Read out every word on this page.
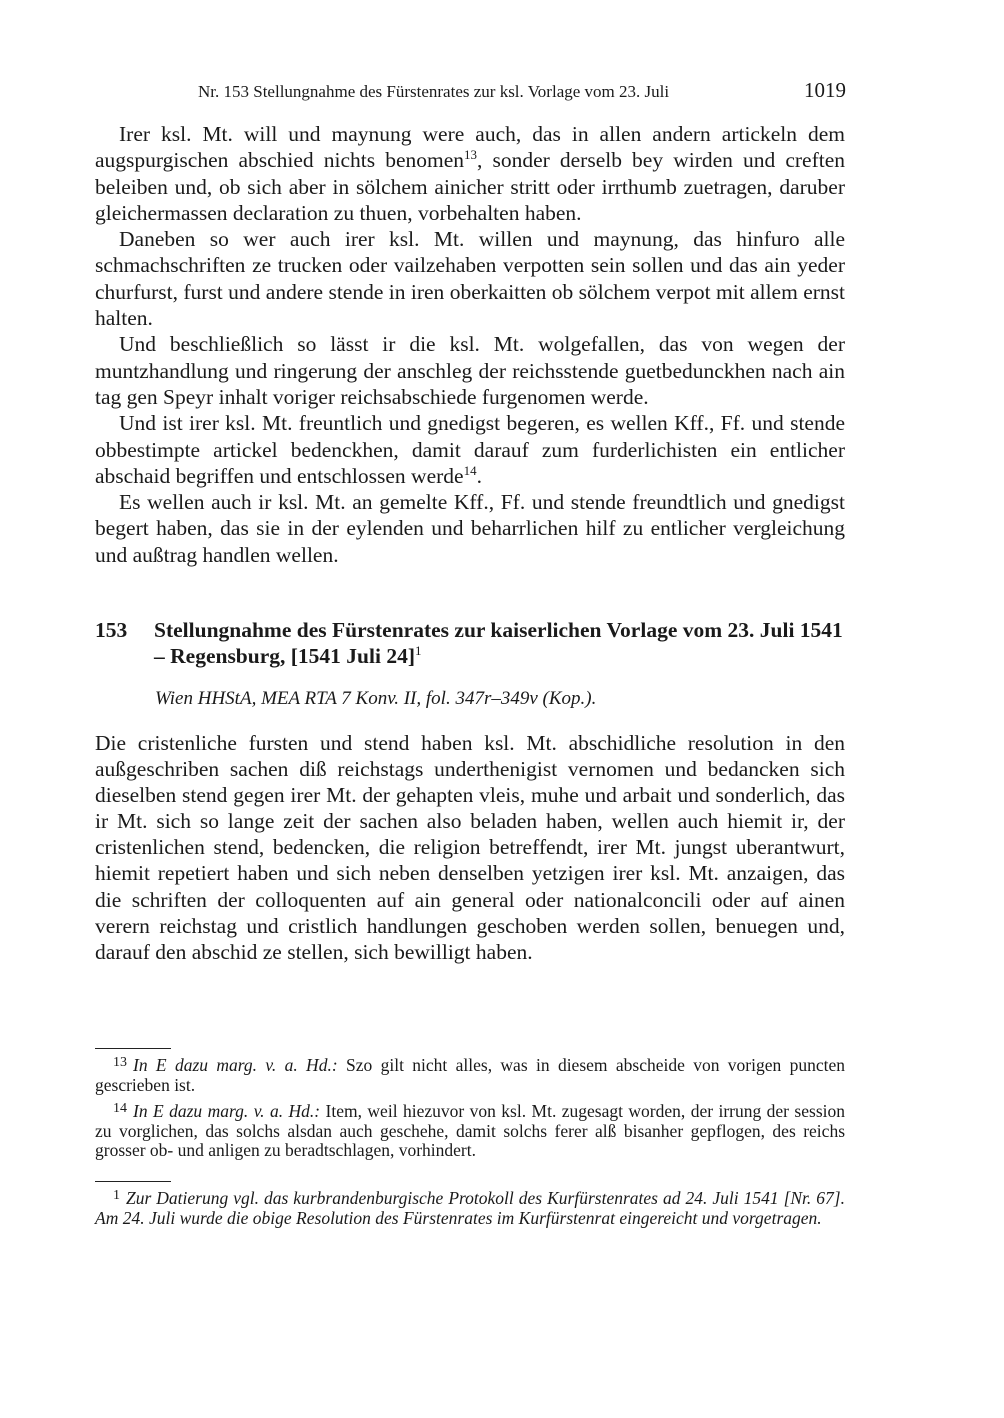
Nr. 153 Stellungnahme des Fürstenrates zur ksl. Vorlage vom 23. Juli	1019

Irer ksl. Mt. will und maynung were auch, das in allen andern artickeln dem augspurgischen abschied nichts benomen$^{13}$, sonder derselb bey wirden und creften beleiben und, ob sich aber in sölchem ainicher stritt oder irrthumb zuetragen, daruber gleichermassen declaration zu thuen, vorbehalten haben.

Daneben so wer auch irer ksl. Mt. willen und maynung, das hinfuro alle schmachschriften ze trucken oder vailzehaben verpotten sein sollen und das ain yeder churfurst, furst und andere stende in iren oberkaitten ob sölchem verpot mit allem ernst halten.

Und beschließlich so lässt ir die ksl. Mt. wolgefallen, das von wegen der muntzhandlung und ringerung der anschleg der reichsstende guetbedunckhen nach ain tag gen Speyr inhalt voriger reichsabschiede furgenomen werde.

Und ist irer ksl. Mt. freuntlich und gnedigst begeren, es wellen Kff., Ff. und stende obbestimpte artickel bedenckhen, damit darauf zum furderlichisten ein entlicher abschaid begriffen und entschlossen werde$^{14}$.

Es wellen auch ir ksl. Mt. an gemelte Kff., Ff. und stende freundtlich und gnedigst begert haben, das sie in der eylenden und beharrlichen hilf zu entlicher vergleichung und außtrag handlen wellen.

153 Stellungnahme des Fürstenrates zur kaiserlichen Vorlage vom 23. Juli 1541 – Regensburg, [1541 Juli 24]$^1$
Wien HHStA, MEA RTA 7 Konv. II, fol. 347r–349v (Kop.).

Die cristenliche fursten und stend haben ksl. Mt. abschidliche resolution in den außgeschriben sachen diß reichstags underthenigist vernomen und bedancken sich dieselben stend gegen irer Mt. der gehapten vleis, muhe und arbait und sonderlich, das ir Mt. sich so lange zeit der sachen also beladen haben, wellen auch hiemit ir, der cristenlichen stend, bedencken, die religion betreffendt, irer Mt. jungst uberantwurt, hiemit repetiert haben und sich neben denselben yetzigen irer ksl. Mt. anzaigen, das die schriften der colloquenten auf ain general oder nationalconcili oder auf ainen verern reichstag und cristlich handlungen geschoben werden sollen, benuegen und, darauf den abschid ze stellen, sich bewilligt haben.

$^{13}$ In E dazu marg. v. a. Hd.: Szo gilt nicht alles, was in diesem abscheide von vorigen puncten gescrieben ist.

$^{14}$ In E dazu marg. v. a. Hd.: Item, weil hiezuvor von ksl. Mt. zugesagt worden, der irrung der session zu vorglichen, das solchs alsdan auch geschehe, damit solchs ferer alß bisanher gepflogen, des reichs grosser ob- und anligen zu beradtschlagen, vorhindert.

$^1$ Zur Datierung vgl. das kurbrandenburgische Protokoll des Kurfürstenrates ad 24. Juli 1541 [Nr. 67]. Am 24. Juli wurde die obige Resolution des Fürstenrates im Kurfürstenrat eingereicht und vorgetragen.
